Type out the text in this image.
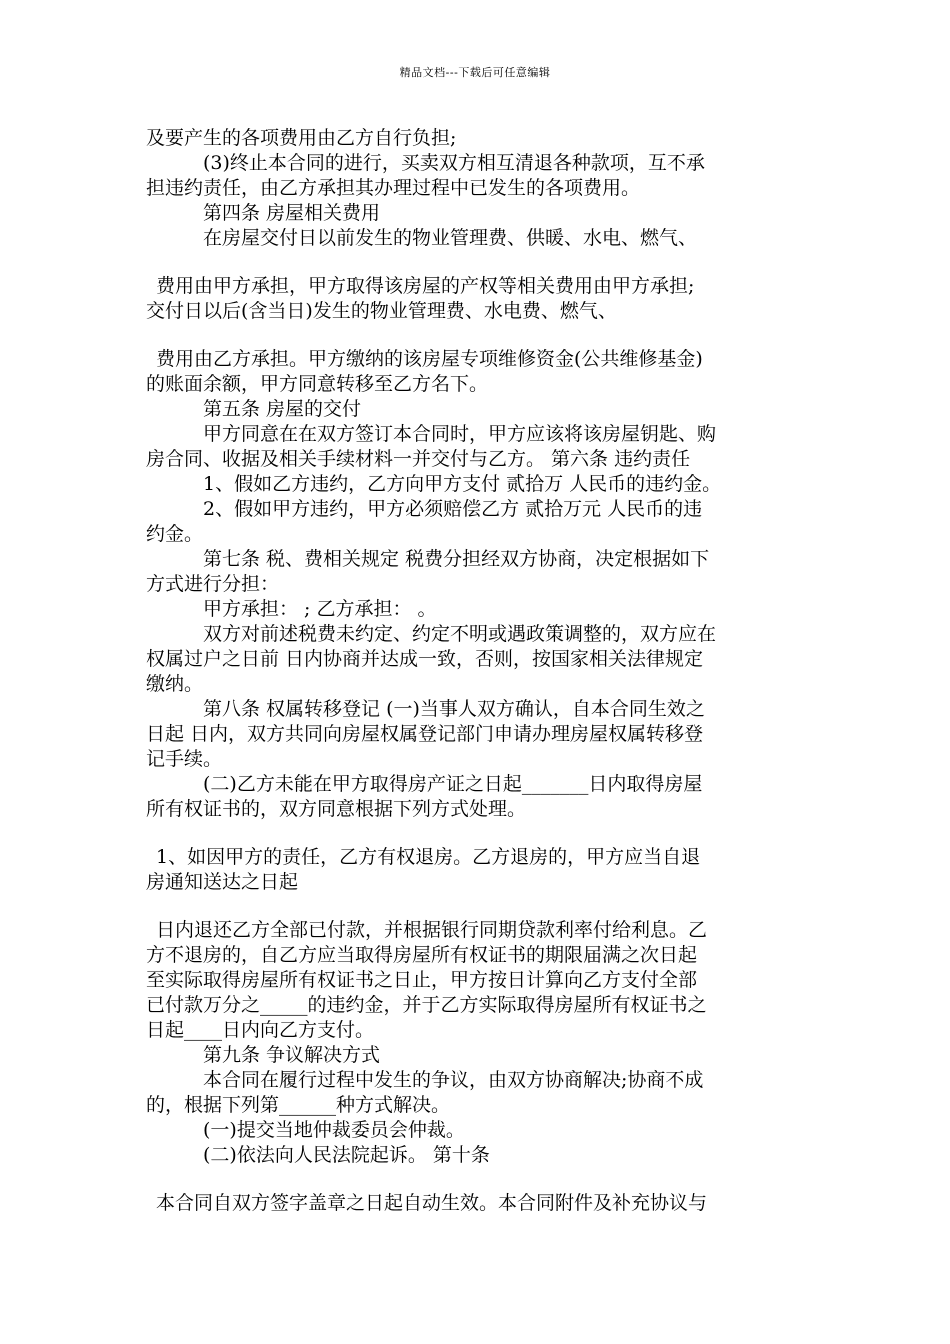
精品文档---下载后可任意编辑
及要产生的各项费用由乙方自行负担;
(3)终止本合同的进行，买卖双方相互清退各种款项，互不承
担违约责任，由乙方承担其办理过程中已发生的各项费用。
第四条 房屋相关费用
在房屋交付日以前发生的物业管理费、供暖、水电、燃气、
费用由甲方承担，甲方取得该房屋的产权等相关费用由甲方承担;
交付日以后(含当日)发生的物业管理费、水电费、燃气、
费用由乙方承担。甲方缴纳的该房屋专项维修资金(公共维修基金)
的账面余额，甲方同意转移至乙方名下。
第五条 房屋的交付
甲方同意在在双方签订本合同时，甲方应该将该房屋钥匙、购
房合同、收据及相关手续材料一并交付与乙方。 第六条 违约责任
1、假如乙方违约，乙方向甲方支付 贰拾万 人民币的违约金。
2、假如甲方违约，甲方必须赔偿乙方 贰拾万元 人民币的违
约金。
第七条 税、费相关规定 税费分担经双方协商，决定根据如下
方式进行分担：
甲方承担： ; 乙方承担： 。
双方对前述税费未约定、约定不明或遇政策调整的，双方应在
权属过户之日前 日内协商并达成一致，否则，按国家相关法律规定
缴纳。
第八条 权属转移登记 (一)当事人双方确认，自本合同生效之
日起 日内，双方共同向房屋权属登记部门申请办理房屋权属转移登
记手续。
(二)乙方未能在甲方取得房产证之日起_______日内取得房屋
所有权证书的，双方同意根据下列方式处理。
1、如因甲方的责任，乙方有权退房。乙方退房的，甲方应当自退
房通知送达之日起
日内退还乙方全部已付款，并根据银行同期贷款利率付给利息。乙
方不退房的，自乙方应当取得房屋所有权证书的期限届满之次日起
至实际取得房屋所有权证书之日止，甲方按日计算向乙方支付全部
已付款万分之_____的违约金，并于乙方实际取得房屋所有权证书之
日起____日内向乙方支付。
第九条 争议解决方式
本合同在履行过程中发生的争议，由双方协商解决;协商不成
的，根据下列第______种方式解决。
(一)提交当地仲裁委员会仲裁。
(二)依法向人民法院起诉。 第十条
本合同自双方签字盖章之日起自动生效。本合同附件及补充协议与
